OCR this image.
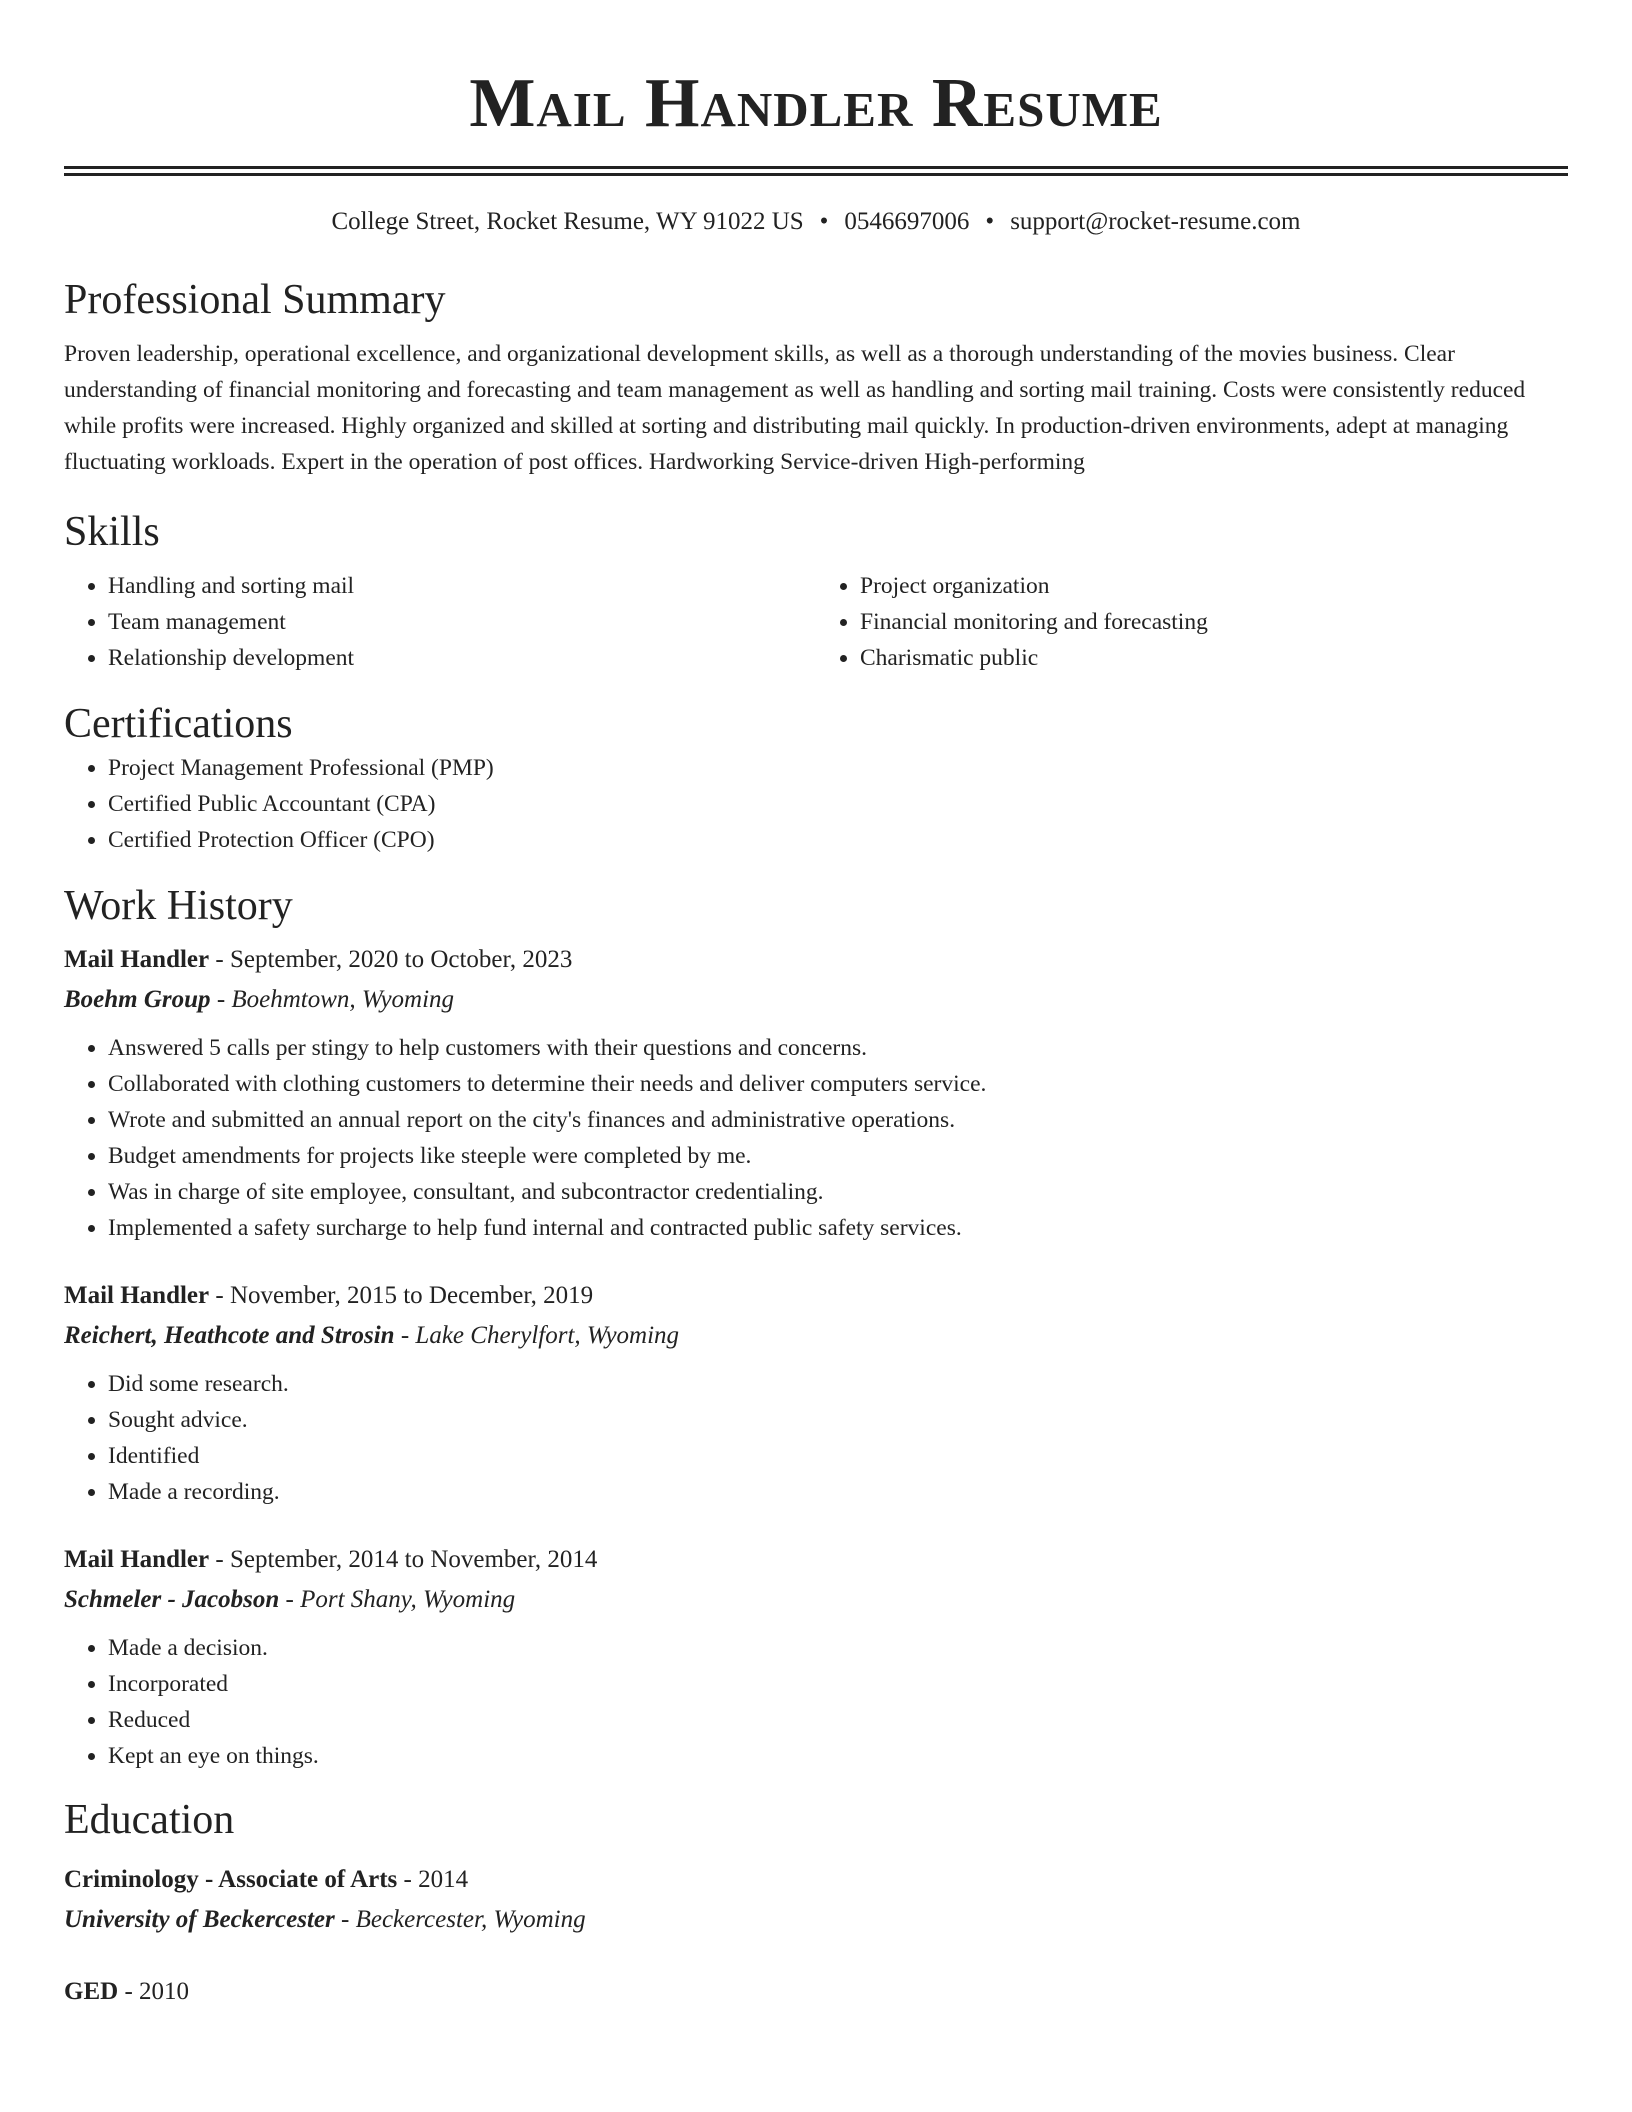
Mail Handler Resume
College Street, Rocket Resume, WY 91022 US • 0546697006 • support@rocket-resume.com
Professional Summary
Proven leadership, operational excellence, and organizational development skills, as well as a thorough understanding of the movies business. Clear understanding of financial monitoring and forecasting and team management as well as handling and sorting mail training. Costs were consistently reduced while profits were increased. Highly organized and skilled at sorting and distributing mail quickly. In production-driven environments, adept at managing fluctuating workloads. Expert in the operation of post offices. Hardworking Service-driven High-performing
Skills
• Handling and sorting mail
• Team management
• Relationship development
• Project organization
• Financial monitoring and forecasting
• Charismatic public
Certifications
• Project Management Professional (PMP)
• Certified Public Accountant (CPA)
• Certified Protection Officer (CPO)
Work History
Mail Handler - September, 2020 to October, 2023
Boehm Group - Boehmtown, Wyoming
• Answered 5 calls per stingy to help customers with their questions and concerns.
• Collaborated with clothing customers to determine their needs and deliver computers service.
• Wrote and submitted an annual report on the city's finances and administrative operations.
• Budget amendments for projects like steeple were completed by me.
• Was in charge of site employee, consultant, and subcontractor credentialing.
• Implemented a safety surcharge to help fund internal and contracted public safety services.
Mail Handler - November, 2015 to December, 2019
Reichert, Heathcote and Strosin - Lake Cherylfort, Wyoming
• Did some research.
• Sought advice.
• Identified
• Made a recording.
Mail Handler - September, 2014 to November, 2014
Schmeler - Jacobson - Port Shany, Wyoming
• Made a decision.
• Incorporated
• Reduced
• Kept an eye on things.
Education
Criminology - Associate of Arts - 2014
University of Beckercester - Beckercester, Wyoming
GED - 2010
